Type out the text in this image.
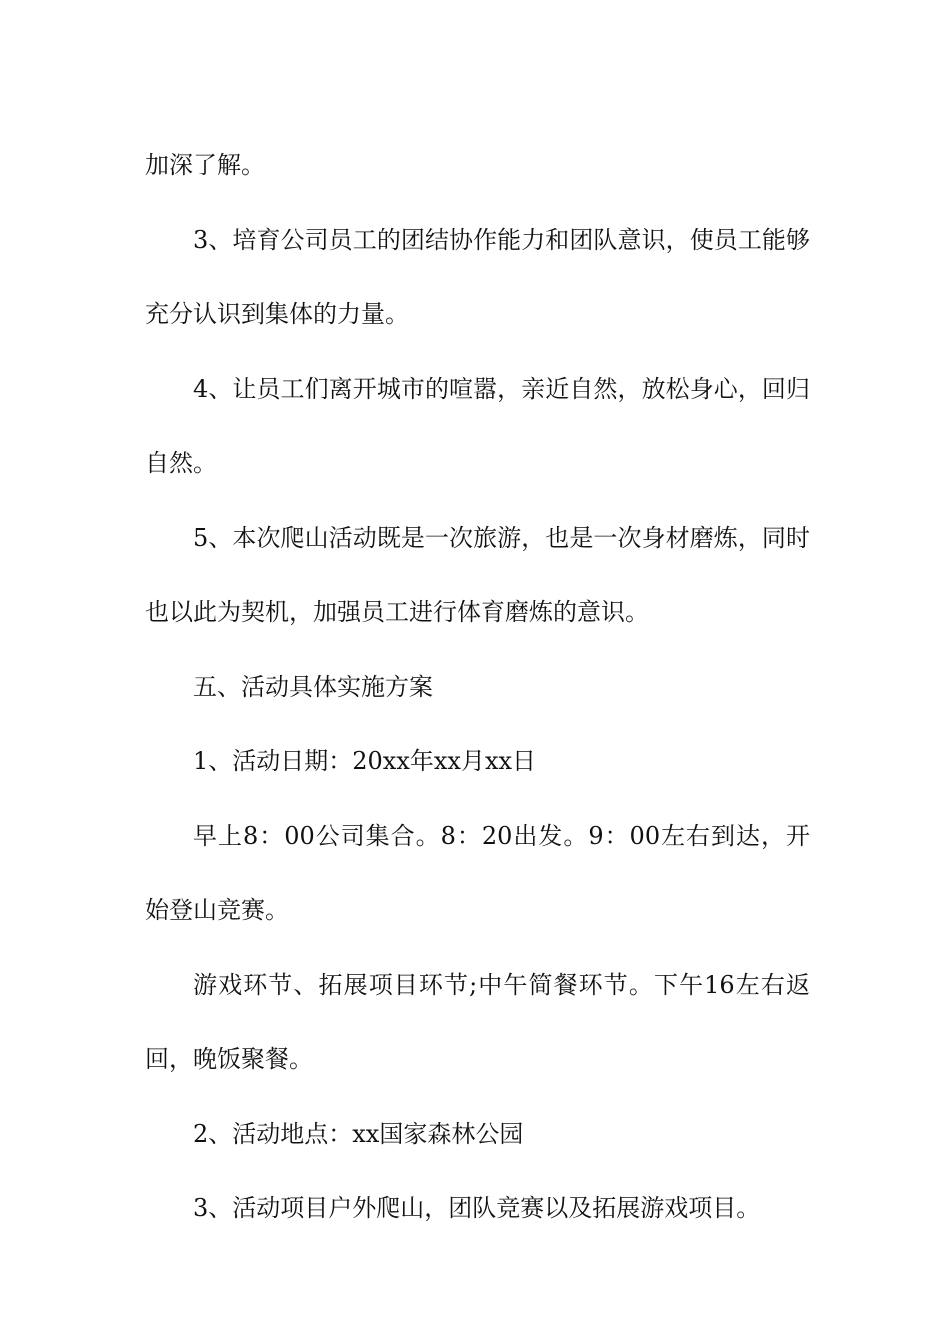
加深了解。

3、培育公司员工的团结协作能力和团队意识，使员工能够充分认识到集体的力量。

4、让员工们离开城市的喧嚣，亲近自然，放松身心，回归自然。

5、本次爬山活动既是一次旅游，也是一次身材磨炼，同时也以此为契机，加强员工进行体育磨炼的意识。

五、活动具体实施方案

1、活动日期：20xx年xx月xx日

早上8：00公司集合。8：20出发。9：00左右到达，开始登山竞赛。

游戏环节、拓展项目环节;中午简餐环节。下午16左右返回，晚饭聚餐。

2、活动地点：xx国家森林公园

3、活动项目户外爬山，团队竞赛以及拓展游戏项目。
